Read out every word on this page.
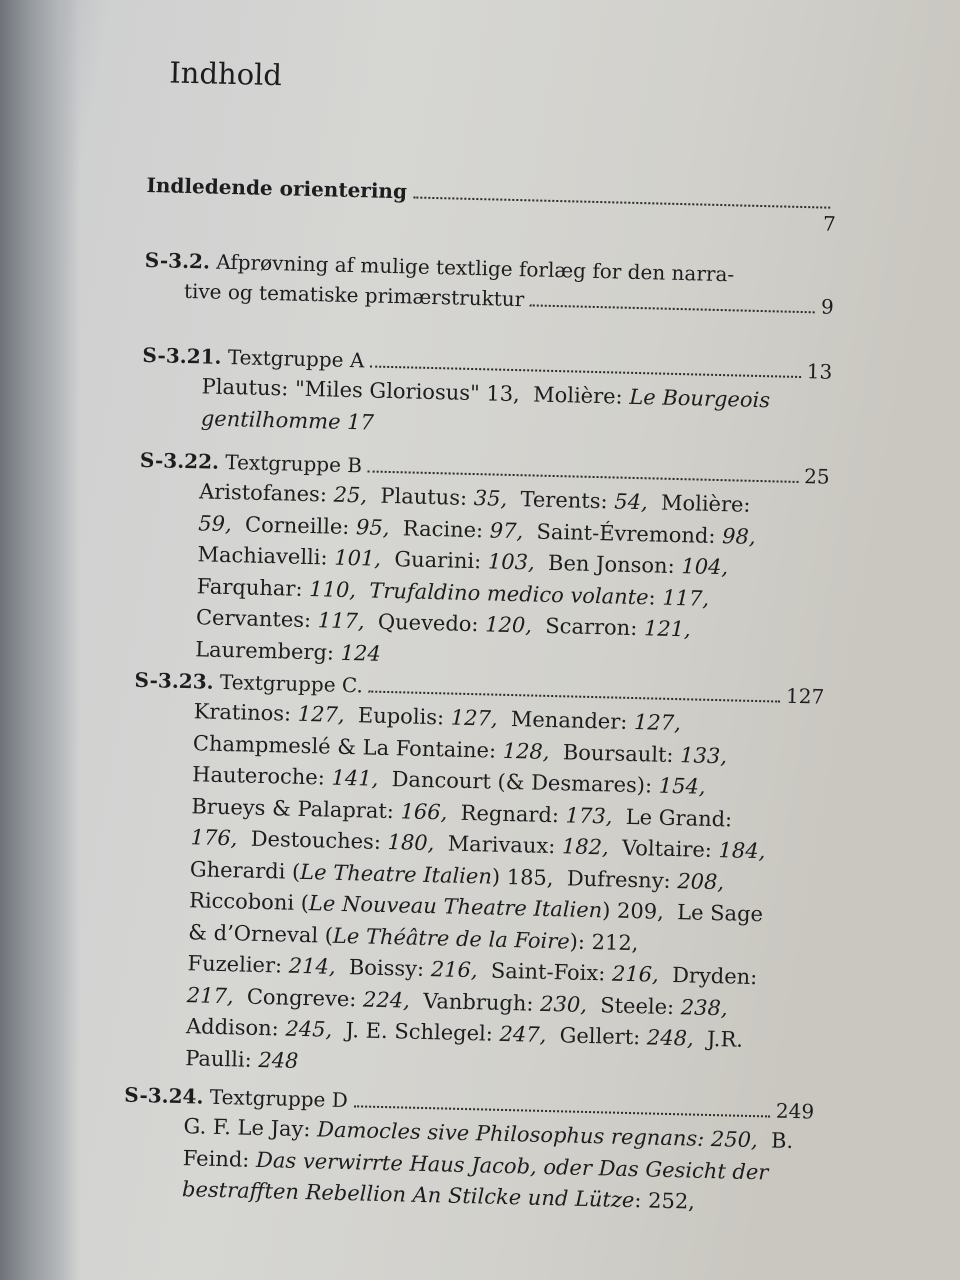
Indhold
Indledende orientering
7
S-3.2.
Afprøvning af mulige textlige forlæg for den narra-
tive og tematiske primærstruktur	9
S-3.21.
Textgruppe A	13
Plautus: "Miles Gloriosus" 13, Molière: Le Bourgeois
gentilhomme 17
S-3.22.
Textgruppe B	25
Aristofanes: 25, Plautus: 35, Terents: 54, Molière:
59, Corneille: 95, Racine: 97, Saint-Évremond: 98,
Machiavelli: 101, Guarini: 103, Ben Jonson: 104,
Farquhar: 110, Trufaldino medico volante: 117,
Cervantes: 117, Quevedo: 120, Scarron: 121,
Lauremberg: 124
S-3.23.
Textgruppe C.	127
Kratinos: 127, Eupolis: 127, Menander: 127,
Champmeslé & La Fontaine: 128, Boursault: 133,
Hauteroche: 141, Dancourt (& Desmares): 154,
Brueys & Palaprat: 166, Regnard: 173, Le Grand:
176, Destouches: 180, Marivaux: 182, Voltaire: 184,
Gherardi (Le Theatre Italien) 185, Dufresny: 208,
Riccoboni (Le Nouveau Theatre Italien) 209, Le Sage
& d’Orneval (Le Théâtre de la Foire): 212,
Fuzelier: 214, Boissy: 216, Saint-Foix: 216, Dryden:
217, Congreve: 224, Vanbrugh: 230, Steele: 238,
Addison: 245, J. E. Schlegel: 247, Gellert: 248, J.R.
Paulli: 248
S-3.24.
Textgruppe D	249
G. F. Le Jay: Damocles sive Philosophus regnans: 250, B.
Feind: Das verwirrte Haus Jacob, oder Das Gesicht der
bestrafften Rebellion An Stilcke und Lütze: 252,
